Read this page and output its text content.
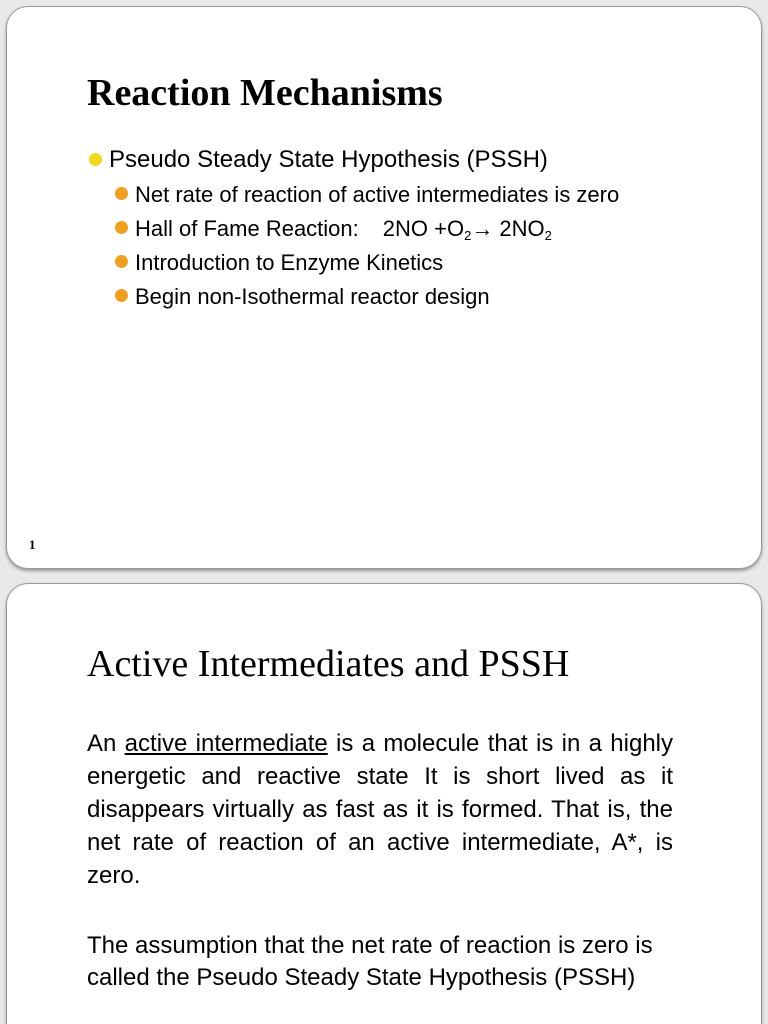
Reaction Mechanisms
Pseudo Steady State Hypothesis (PSSH)
Net rate of reaction of active intermediates is zero
Hall of Fame Reaction: $2NO +O_2\to 2NO_2$
Introduction to Enzyme Kinetics
Begin non-Isothermal reactor design
1
Active Intermediates and PSSH

An active intermediate is a molecule that is in a highly energetic and reactive state It is short lived as it disappears virtually as fast as it is formed. That is, the net rate of reaction of an active intermediate, A*, is zero.

The assumption that the net rate of reaction is zero is called the Pseudo Steady State Hypothesis (PSSH)
